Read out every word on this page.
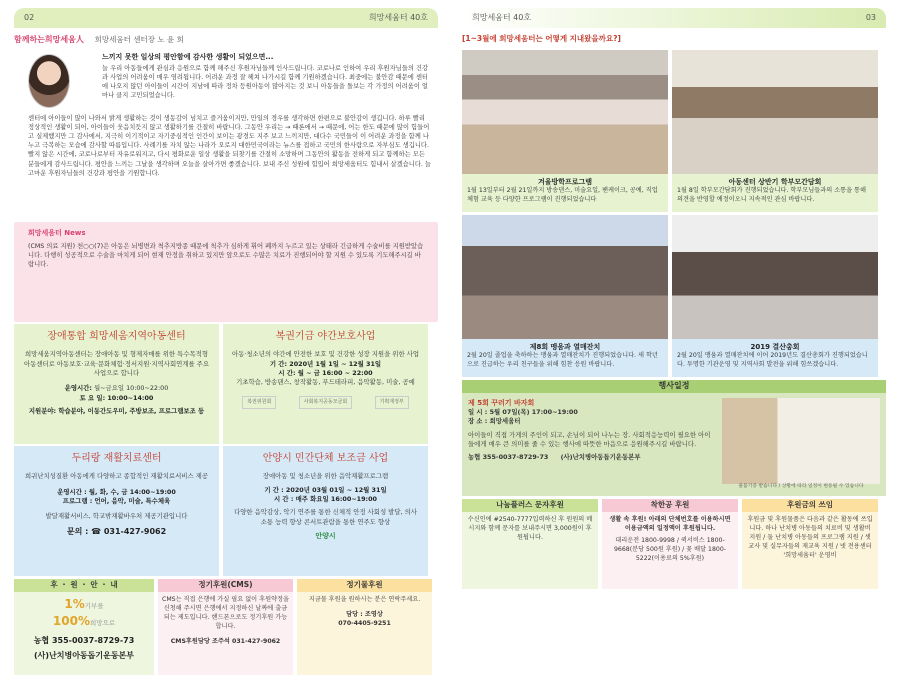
02	희망세움터 40호
함께하는희망세움人 희망세움터 센터장 노 윤 희
느끼지 못한 일상의 평안함에 감사한 생활이 되었으면...
늘 우리 아동들에게 관심과 응원으로 함께 해주신 후원자님들께 인사드립니다. 코로나로 인하여 우리 후원자님들의 건강과 사업의 어려움이 매우 염려됩니다. 어려운 과정 잘 헤쳐 나가시길 함께 기원하겠습니다. 최중에는 불안감 때문에 센터에 나오지 않던 아이들이 시간이 지남에 따라 정차 등원아동이 많아지는 것 보니 아동들을 돌보는 각 가정의 어려움이 얼마나 클지 고민되었습니다.
센터에 아이들이 많이 나와서 밝게 생활하는 것이 생동감이 넘치고 즐거움이지만, 만일의 경우를 생각하면 한편으로 불안감이 생깁니다. 하루 빨리 정상적인 생활이 되어, 아이들이 웃음치듯지 않고 생활하기를 간절히 바랍니다. 그동안 우리는 → 때론에서 → 때문에, 어는 한도 때문에 많이 힘들어고 실제했지만 그 감사에서, 지극히 이기적이고 자기중심적인 인간이 보이는 광경도 지주 보고 느끼지만, 대다수 국민들이 이 어려운 과정을 함께 나누고 극복하는 모습에 감사할 따름입니다. 사례기를 자치 않는 나라가 오로지 대한민국이라는 뉴스를 접하고 국민의 한사람으로 자부심도 생깁니다. 빨지 않은 시간에, 코로나로부터 자유로워지고, 다시 평화로운 일상 생활을 되찾기를 간절히 소망하며 그동안의 활동을 전하게 되고 함께하는 모든 분들에게 감사드립니다. 평안을 느끼는 그날을 생각하며 오늘을 살아가면 좋겠습니다. 보내 주신 성원에 힘입어 희망세움터도 힘내서 살겠습니다. 늘 고마운 후원자님들의 건강과 평안을 기원합니다.
희망세움터 News
(CMS 의료 지원) 천○○(7)은 아동은 뇌병변과 척추지방종 때문에 척추가 심하게 휘어 폐까지 누르고 있는 상태라 긴급하게 수술비를 지원받았습니다. 다행히 성공적으로 수술을 마치게 되어 현재 안정을 취하고 있지만 앞으로도 수많은 치료가 진행되어야 할 지원 수 있도록 기도해주시길 바랍니다.
장애통합 희망세움지역아동센터
희망세움지역아동센터는 장애아동 및 형제자매를 위한 특수목적형 아동센터로 아동보호·교육·문화체험·정서지원·지역사회연계를 주요사업으로 합니다
운영시간: 월~금요일 10:00~22:00
토 요 일: 10:00~14:00
지원분야: 학습분야, 이동간도우미, 주방보조, 프로그램보조 등
복권기금 야간보호사업
아동·청소년의 야간에 안전한 보호 및 건강한 성장 지원을 위한 사업
기 간: 2020년 1월 1일 ~ 12월 31일
시 간: 월 ~ 금 16:00 ~ 22:00
기초학습, 방송댄스, 창작활동, 푸드테라피, 음악활동, 미술, 공예
복권위원회	사회복지공동모금회	기획재정부
두리랑 재활치료센터
희귀난치성질환 아동에게 다양하고 종합적인 재활치료서비스 제공
운영시간 : 월, 화, 수, 금 14:00~19:00
프로그램 : 언어, 음악, 미술, 특수체육
발달재활서비스, 학교밖재활바우처 제공기관입니다
문의 : ☎ 031-427-9062
안양시 민간단체 보조금 사업
장애아동 및 청소년을 위한 음악재활프로그램
기 간 : 2020년 03월 01일 ~ 12월 31일
시 간 : 매주 화요일 16:00~19:00
다양한 음악감상, 악기 연주를 통한 신체적 안정 사회성 발달, 의사소통 능력 향상 콘서트관람을 통한 연주도 향상
안양시
후 ・ 원 ・ 안 ・ 내
1%기부를
100%희망으로
농협 355-0037-8729-73
(사)난치병아동돕기운동본부
정기후원(CMS)
CMS는 직접 은행에 가실 필요 없이 후원약정을 신청해 주시면 은행에서 지정하신 날짜에 출금되는 제도입니다. 핸드폰으로도 정기후원 가능합니다.
CMS후원담당 조주석 031-427-9062
정기물후원
지금물 후원을 원하시는 분은 연락주세요.
담당 : 조영상
070-4405-9251
희망세움터 40호	03
[1~3월에 희망세움터는 어떻게 지내왔을까요?]
겨울방학프로그램
1월 13일부터 2월 21일까지 방송댄스, 미술요일, 팬케이크, 공예, 직업체험 교육 등 다양한 프로그램이 진행되었습니다
아동센터 상반기 학부모간담회
1월 8일 학부모간담회가 진행되었습니다. 학부모님들과의 소통을 통해 의견을 반영할 예정이오니 지속적인 관심 바랍니다.
제8회 맹움과 열매잔치
2월 20일 졸업을 축하하는 맹움과 열매잔치가 진행되었습니다. 새 학년으로 진급하는 우리 친구들을 위해 힘찬 응원 바랍니다.
2019 결산총회
2월 20일 맹움과 열매잔치에 이어 2019년도 결산총회가 진행되었습니다. 투명한 기관운영 및 지역사회 발전을 위해 힘쓰겠습니다.
행사일정
제 5회 꾸러기 바자회
일 시 : 5월 07일(목) 17:00~19:00
장 소 : 희망세움터
아이들이 직접 가게의 주인이 되고, 손님이 되어 나누는 장. 사회적응능력이 필요한 아이들에게 매우 큰 의미를 줄 수 있는 행사에 따뜻한 마음으로 응원해주시길 바랍니다.
농협 355-0037-8729-73 (사)난치병아동돕기운동본부
물품기증 받습니다 / 상황에 따라 일정이 변동될 수 있습니다
나눔플러스 문자후원
수신인에 #2540-7777입력하신 후 원원의 메시지와 함께 문자를 보내주시면 3,000원이 후원됩니다.
착한공 후원
생활 속 후원! 아래의 단체번호를 이용하시면 이용금액의 일정액이 후원됩니다.
대리운전 1800-9998 / 퀵서비스 1800-9668(분당 500원 후원) / 꽃 배달 1800-5222(이용료의 5%후원)
후원금의 쓰임
후원금 및 후원물품은 다음과 같은 활동에 쓰입니다. 하나 난치병 아동들의 치료비 및 생활비 지원 / 둘 난치병 아동들의 프로그램 지원 / 셋 교사 및 실무자들의 재교육 지원 / 넷 전용센터 '희망세움터' 운영비
